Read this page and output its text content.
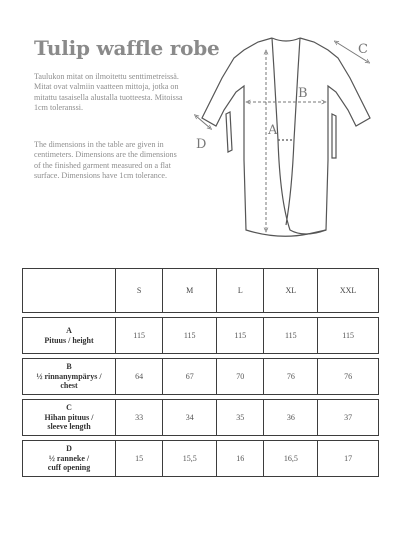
Tulip waffle robe

Taulukon mitat on ilmoitettu senttimetreissä. Mitat ovat valmiin vaatteen mittoja, jotka on mitattu tasaisella alustalla tuotteesta. Mitoissa 1cm toleranssi.

The dimensions in the table are given in centimeters. Dimensions are the dimensions of the finished garment measured on a flat surface. Dimensions have 1cm tolerance.

A
B
C
D
	S	M	L	XL	XXL

A
Pituus / height	115	115	115	115	115

B
½ rinnanympärys /
chest	64	67	70	76	76

C
Hihan pituus /
sleeve length	33	34	35	36	37

D
½ ranneke /
cuff opening	15	15,5	16	16,5	17
